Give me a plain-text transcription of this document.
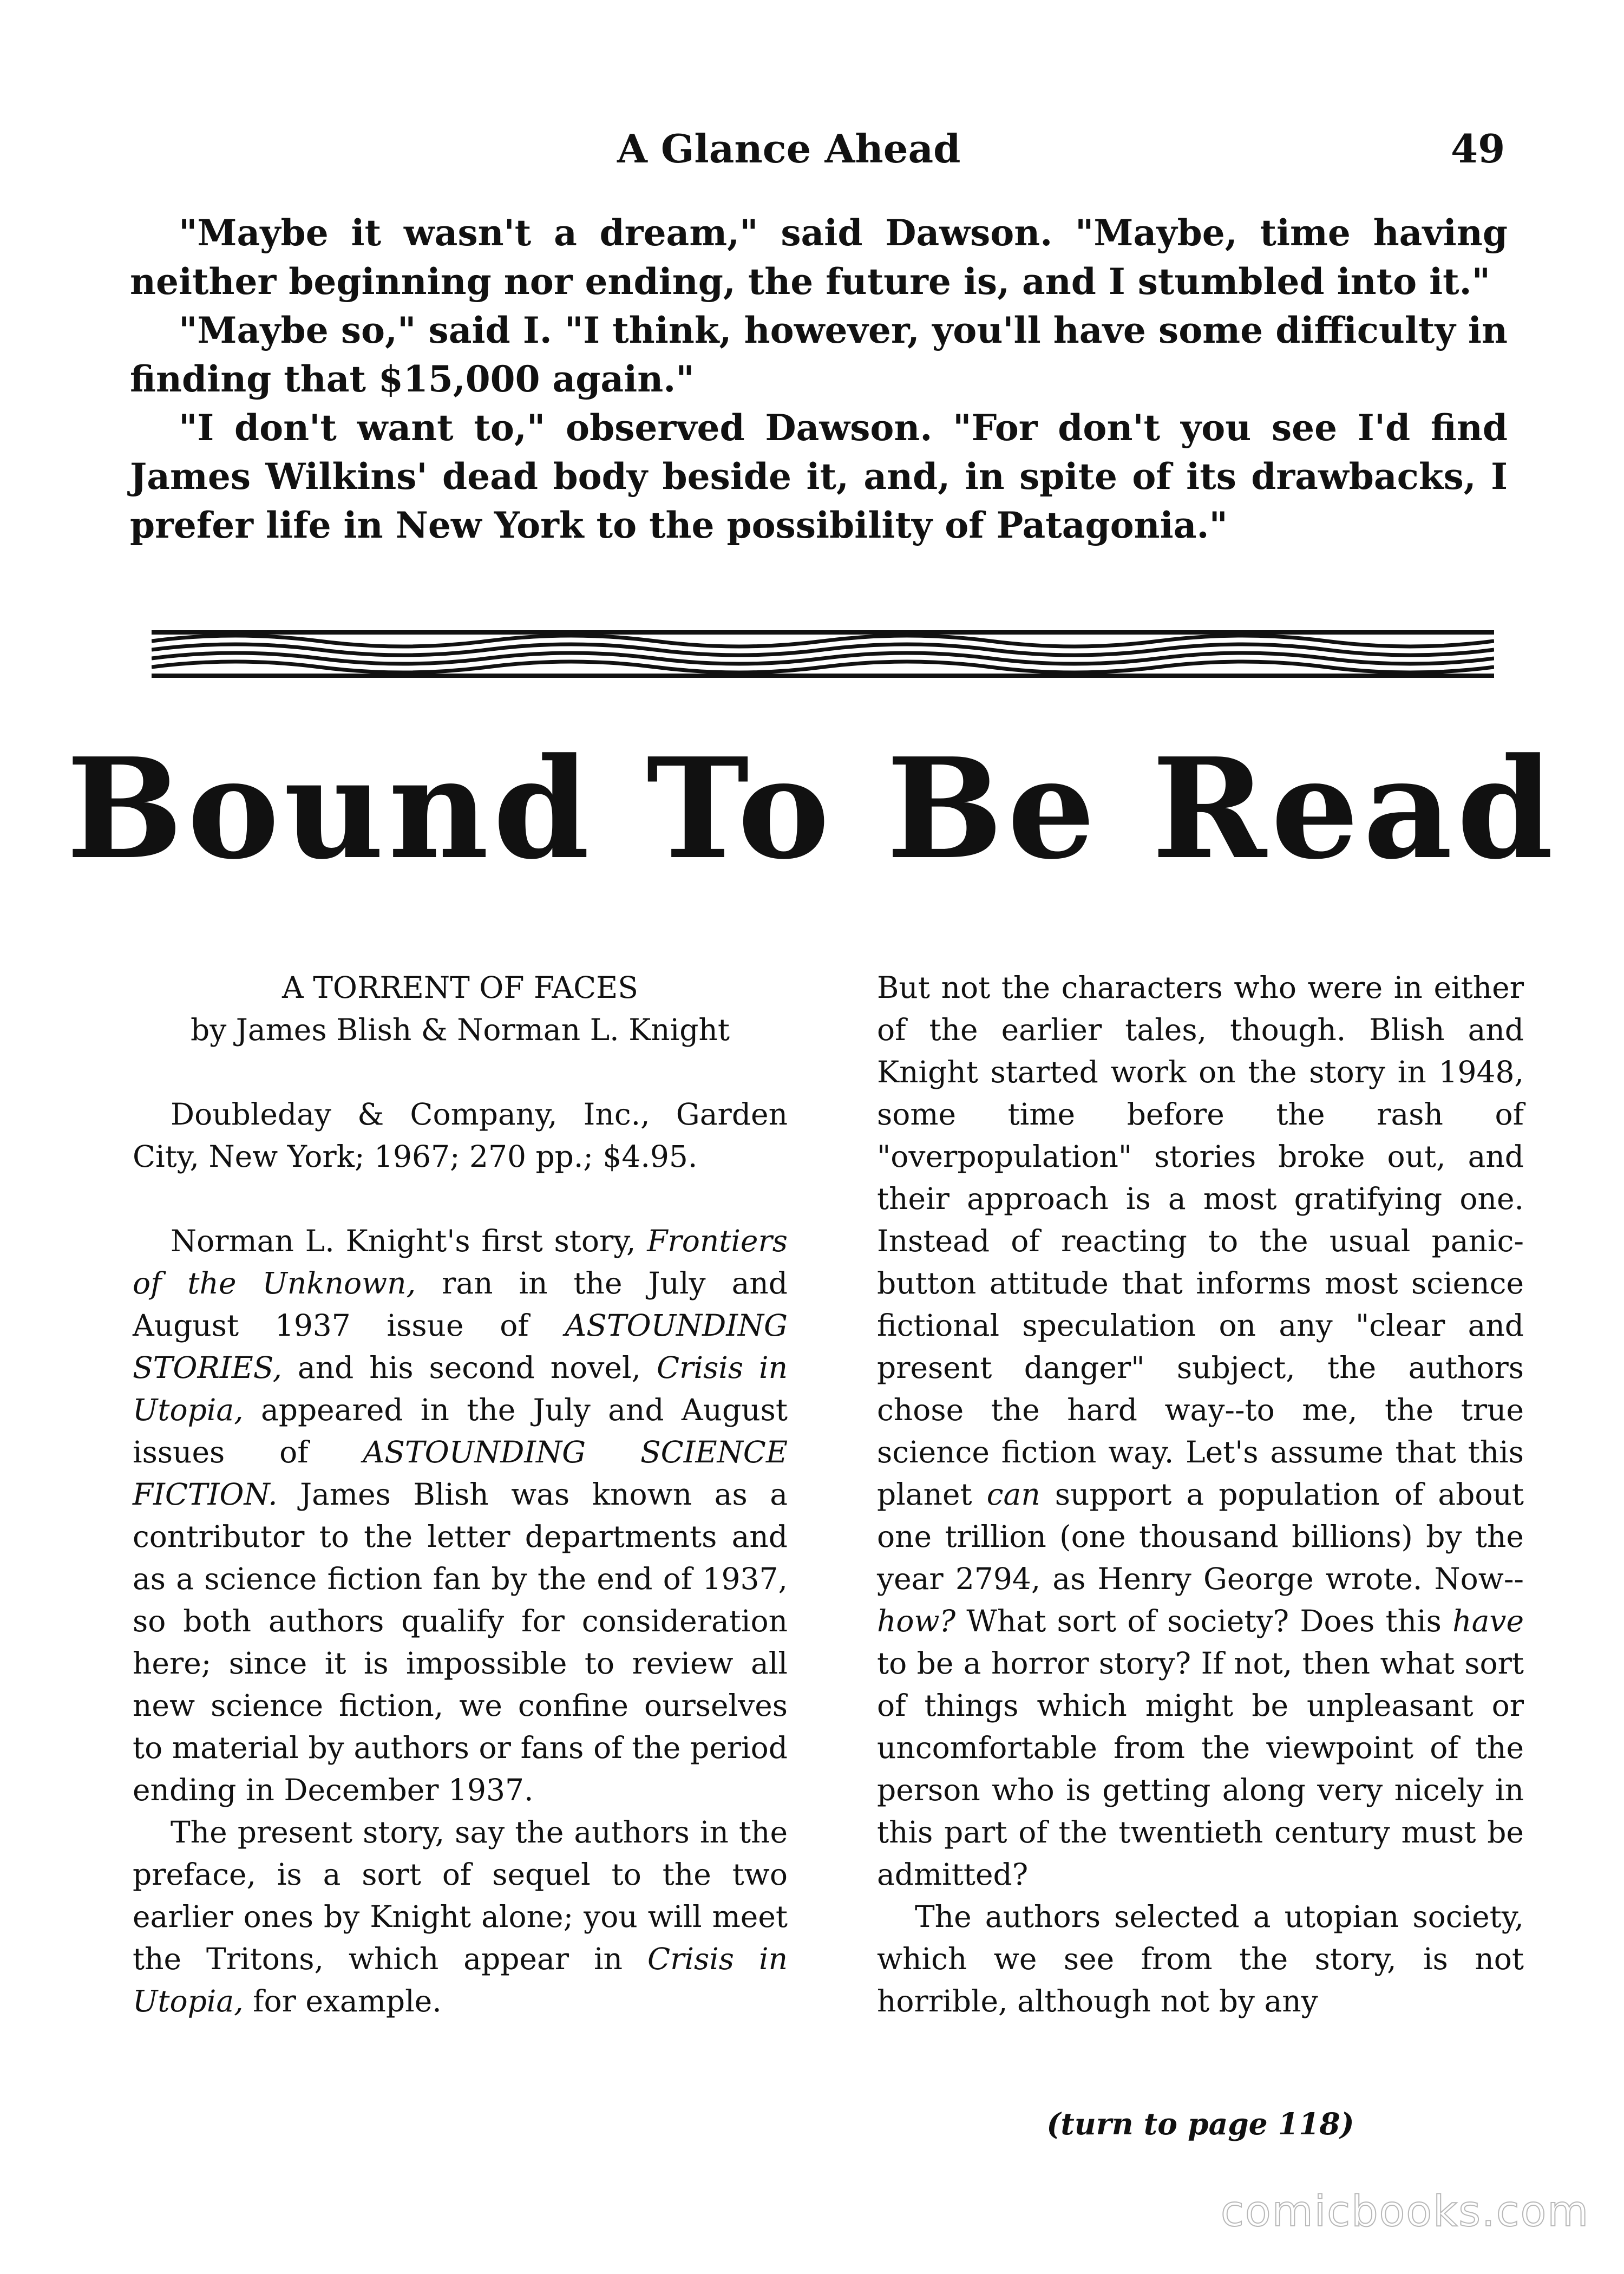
A Glance Ahead	49

"Maybe it wasn't a dream," said Dawson. "Maybe, time having neither beginning nor ending, the future is, and I stumbled into it."

"Maybe so," said I. "I think, however, you'll have some difficulty in finding that $15,000 again."

"I don't want to," observed Dawson. "For don't you see I'd find James Wilkins' dead body beside it, and, in spite of its drawbacks, I prefer life in New York to the possibility of Patagonia."

Bound To Be Read

A TORRENT OF FACES

by James Blish & Norman L. Knight

Doubleday & Company, Inc., Garden City, New York; 1967; 270 pp.; $4.95.

Norman L. Knight's first story, Frontiers of the Unknown, ran in the July and August 1937 issue of ASTOUNDING STORIES, and his second novel, Crisis in Utopia, appeared in the July and August issues of ASTOUNDING SCIENCE FICTION. James Blish was known as a contributor to the letter departments and as a science fiction fan by the end of 1937, so both authors qualify for consideration here; since it is impossible to review all new science fiction, we confine ourselves to material by authors or fans of the period ending in December 1937.

The present story, say the authors in the preface, is a sort of sequel to the two earlier ones by Knight alone; you will meet the Tritons, which appear in Crisis in Utopia, for example.

But not the characters who were in either of the earlier tales, though. Blish and Knight started work on the story in 1948, some time before the rash of "overpopulation" stories broke out, and their approach is a most gratifying one. Instead of reacting to the usual panic-button attitude that informs most science fictional speculation on any "clear and present danger" subject, the authors chose the hard way--to me, the true science fiction way. Let's assume that this planet can support a population of about one trillion (one thousand billions) by the year 2794, as Henry George wrote. Now--how? What sort of society? Does this have to be a horror story? If not, then what sort of things which might be unpleasant or uncomfortable from the viewpoint of the person who is getting along very nicely in this part of the twentieth century must be admitted?

The authors selected a utopian society, which we see from the story, is not horrible, although not by any

(turn to page 118)
comicbooks.com
